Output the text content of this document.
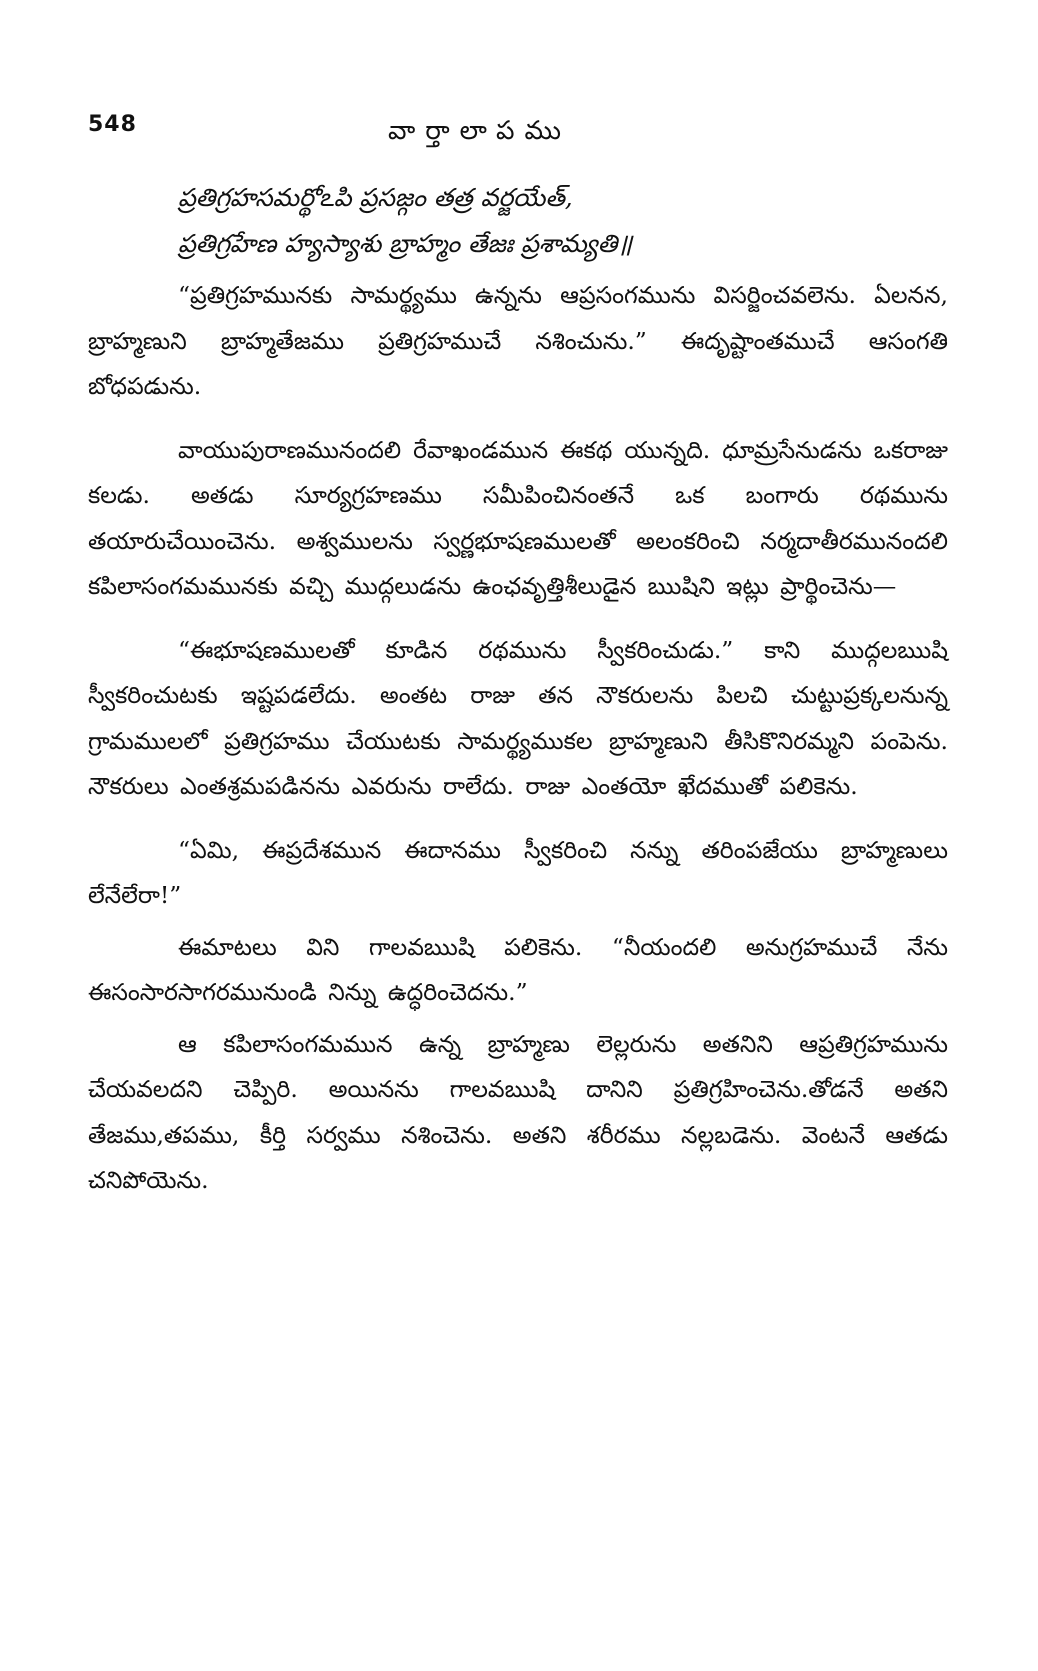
548	వార్తాలాపము

ప్రతిగ్రహసమర్థోఽపి ప్రసజ్గం తత్ర వర్జయేత్,
ప్రతిగ్రహేణ హ్యస్యాశు బ్రాహ్మం తేజః ప్రశామ్యతి॥

“ప్రతిగ్రహమునకు సామర్థ్యము ఉన్నను ఆప్రసంగమును విసర్జించవలెను. ఏలనన, బ్రాహ్మణుని బ్రాహ్మతేజము ప్రతిగ్రహముచే నశించును.” ఈదృష్టాంతముచే ఆసంగతి బోధపడును.

వాయుపురాణమునందలి రేవాఖండమున ఈకథ యున్నది. ధూమ్రసేనుడను ఒకరాజు కలడు. అతడు సూర్యగ్రహణము సమీపించినంతనే ఒక బంగారు రథమును తయారుచేయించెను. అశ్వములను స్వర్ణభూషణములతో అలంకరించి నర్మదాతీరమునందలి కపిలాసంగమమునకు వచ్చి ముద్గలుడను ఉంఛవృత్తిశీలుడైన ఋషిని ఇట్లు ప్రార్థించెను—

“ఈభూషణములతో కూడిన రథమును స్వీకరించుడు.” కాని ముద్గలఋషి స్వీకరించుటకు ఇష్టపడలేదు. అంతట రాజు తన నౌకరులను పిలచి చుట్టుప్రక్కలనున్న గ్రామములలో ప్రతిగ్రహము చేయుటకు సామర్థ్యముకల బ్రాహ్మణుని తీసికొనిరమ్మని పంపెను. నౌకరులు ఎంతశ్రమపడినను ఎవరును రాలేదు. రాజు ఎంతయో ఖేదముతో పలికెను.

“ఏమి, ఈప్రదేశమున ఈదానము స్వీకరించి నన్ను తరింపజేయు బ్రాహ్మణులు లేనేలేరా!”

ఈమాటలు విని గాలవఋషి పలికెను. “నీయందలి అనుగ్రహముచే నేను ఈసంసారసాగరమునుండి నిన్ను ఉద్ధరించెదను.”

ఆ కపిలాసంగమమున ఉన్న బ్రాహ్మణు లెల్లరును అతనిని ఆప్రతిగ్రహమును చేయవలదని చెప్పిరి. అయినను గాలవఋషి దానిని ప్రతిగ్రహించెను.తోడనే అతని తేజము,తపము, కీర్తి సర్వము నశించెను. అతని శరీరము నల్లబడెను. వెంటనే ఆతడు చనిపోయెను.
